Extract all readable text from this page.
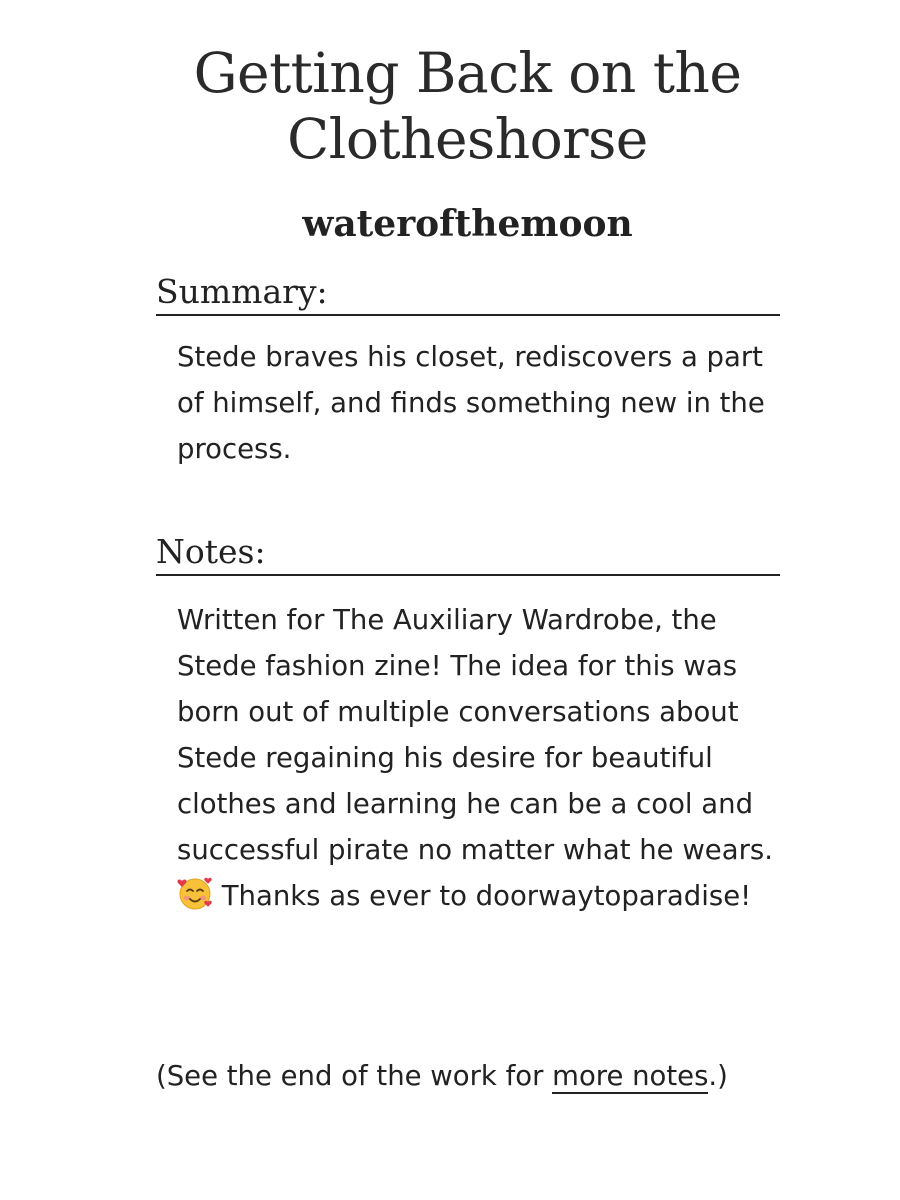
Getting Back on the Clotheshorse
waterofthemoon
Summary:

Stede braves his closet, rediscovers a part of himself, and finds something new in the process.

Notes:

Written for The Auxiliary Wardrobe, the Stede fashion zine! The idea for this was born out of multiple conversations about Stede regaining his desire for beautiful clothes and learning he can be a cool and successful pirate no matter what he wears.  Thanks as ever to doorwaytoparadise!

(See the end of the work for more notes.)
